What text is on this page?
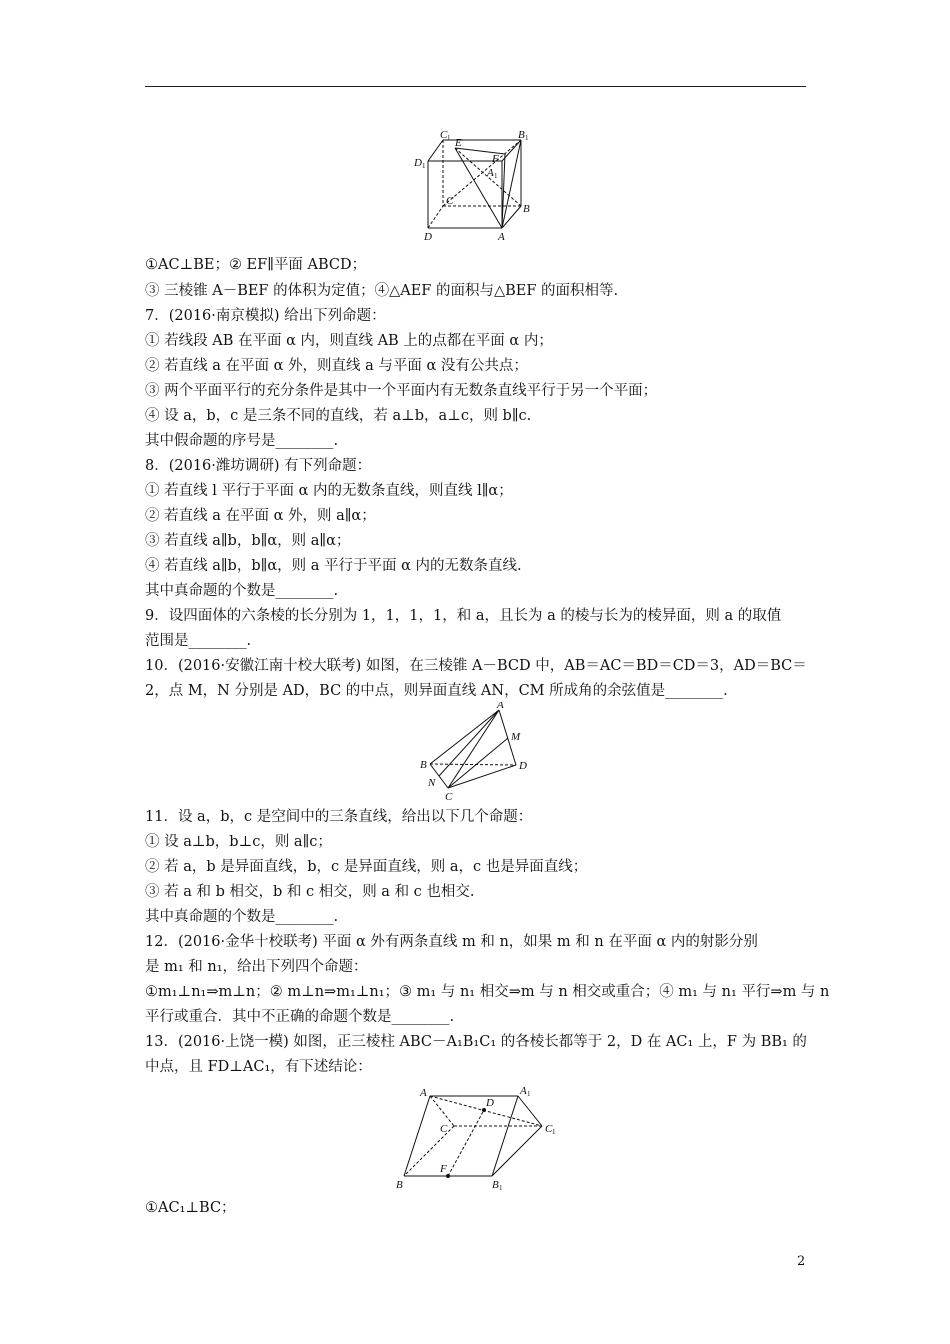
C 1	B 1
E
F
D 1
A 1
C
B
D	A
A
M
B	D
N
C
A	A 1
D
C	C 1
F
B	B 1
①AC⊥BE；② EF∥平面 ABCD；
③ 三棱锥 A－BEF 的体积为定值；④△AEF 的面积与△BEF 的面积相等.
7．(2016·南京模拟) 给出下列命题：
① 若线段 AB 在平面 α 内，则直线 AB 上的点都在平面 α 内；
② 若直线 a 在平面 α 外，则直线 a 与平面 α 没有公共点；
③ 两个平面平行的充分条件是其中一个平面内有无数条直线平行于另一个平面；
④ 设 a，b，c 是三条不同的直线，若 a⊥b，a⊥c，则 b∥c.
其中假命题的序号是________.
8．(2016·潍坊调研) 有下列命题：
① 若直线 l 平行于平面 α 内的无数条直线，则直线 l∥α；
② 若直线 a 在平面 α 外，则 a∥α；
③ 若直线 a∥b，b∥α，则 a∥α；
④ 若直线 a∥b，b∥α，则 a 平行于平面 α 内的无数条直线.
其中真命题的个数是________.
9．设四面体的六条棱的长分别为 1，1，1，1，和 a，且长为 a 的棱与长为的棱异面，则 a 的取值
范围是________.
10．(2016·安徽江南十校大联考) 如图，在三棱锥 A－BCD 中，AB＝AC＝BD＝CD＝3，AD＝BC＝
2，点 M，N 分别是 AD，BC 的中点，则异面直线 AN，CM 所成角的余弦值是________.
11．设 a，b，c 是空间中的三条直线，给出以下几个命题：
① 设 a⊥b，b⊥c，则 a∥c；
② 若 a，b 是异面直线，b，c 是异面直线，则 a，c 也是异面直线；
③ 若 a 和 b 相交，b 和 c 相交，则 a 和 c 也相交.
其中真命题的个数是________.
12．(2016·金华十校联考) 平面 α 外有两条直线 m 和 n，如果 m 和 n 在平面 α 内的射影分别
是 m₁ 和 n₁，给出下列四个命题：
①m₁⊥n₁⇒m⊥n；② m⊥n⇒m₁⊥n₁；③ m₁ 与 n₁ 相交⇒m 与 n 相交或重合；④ m₁ 与 n₁ 平行⇒m 与 n
平行或重合．其中不正确的命题个数是________.
13．(2016·上饶一模) 如图，正三棱柱 ABC－A₁B₁C₁ 的各棱长都等于 2，D 在 AC₁ 上，F 为 BB₁ 的
中点，且 FD⊥AC₁，有下述结论：
①AC₁⊥BC；
2
